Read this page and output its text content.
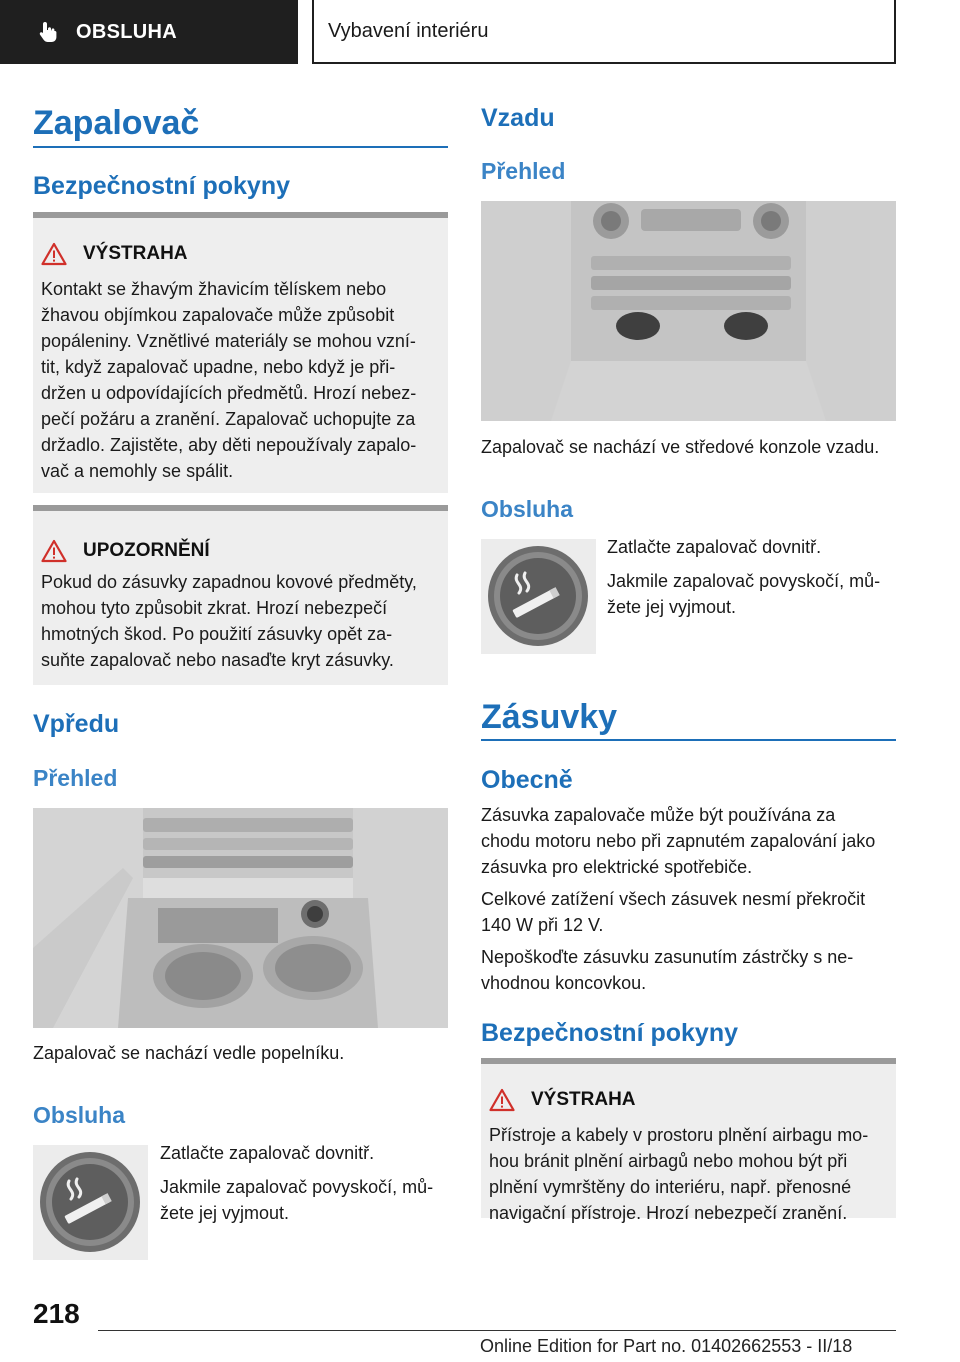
OBSLUHA	Vybavení interiéru
Zapalovač
Bezpečnostní pokyny
VÝSTRAHA
Kontakt se žhavým žhavicím tělískem nebo
žhavou objímkou zapalovače může způsobit
popáleniny. Vznětlivé materiály se mohou vzní‐
tit, když zapalovač upadne, nebo když je při‐
držen u odpovídajících předmětů. Hrozí nebez‐
pečí požáru a zranění. Zapalovač uchopujte za
držadlo. Zajistěte, aby děti nepoužívaly zapalo‐
vač a nemohly se spálit.
UPOZORNĚNÍ
Pokud do zásuvky zapadnou kovové předměty,
mohou tyto způsobit zkrat. Hrozí nebezpečí
hmotných škod. Po použití zásuvky opět za‐
suňte zapalovač nebo nasaďte kryt zásuvky.
Vpředu
Přehled
Zapalovač se nachází vedle popelníku.
Obsluha
Zatlačte zapalovač dovnitř.
Jakmile zapalovač povyskočí, mů‐
žete jej vyjmout.
Vzadu
Přehled
Zapalovač se nachází ve středové konzole vzadu.
Obsluha
Zatlačte zapalovač dovnitř.
Jakmile zapalovač povyskočí, mů‐
žete jej vyjmout.
Zásuvky
Obecně
Zásuvka zapalovače může být používána za
chodu motoru nebo při zapnutém zapalování jako
zásuvka pro elektrické spotřebiče.
Celkové zatížení všech zásuvek nesmí překročit
140 W při 12 V.
Nepoškoďte zásuvku zasunutím zástrčky s ne‐
vhodnou koncovkou.
Bezpečnostní pokyny
VÝSTRAHA
Přístroje a kabely v prostoru plnění airbagu mo‐
hou bránit plnění airbagů nebo mohou být při
plnění vymrštěny do interiéru, např. přenosné
navigační přístroje. Hrozí nebezpečí zranění.
218
Online Edition for Part no. 01402662553 - II/18
